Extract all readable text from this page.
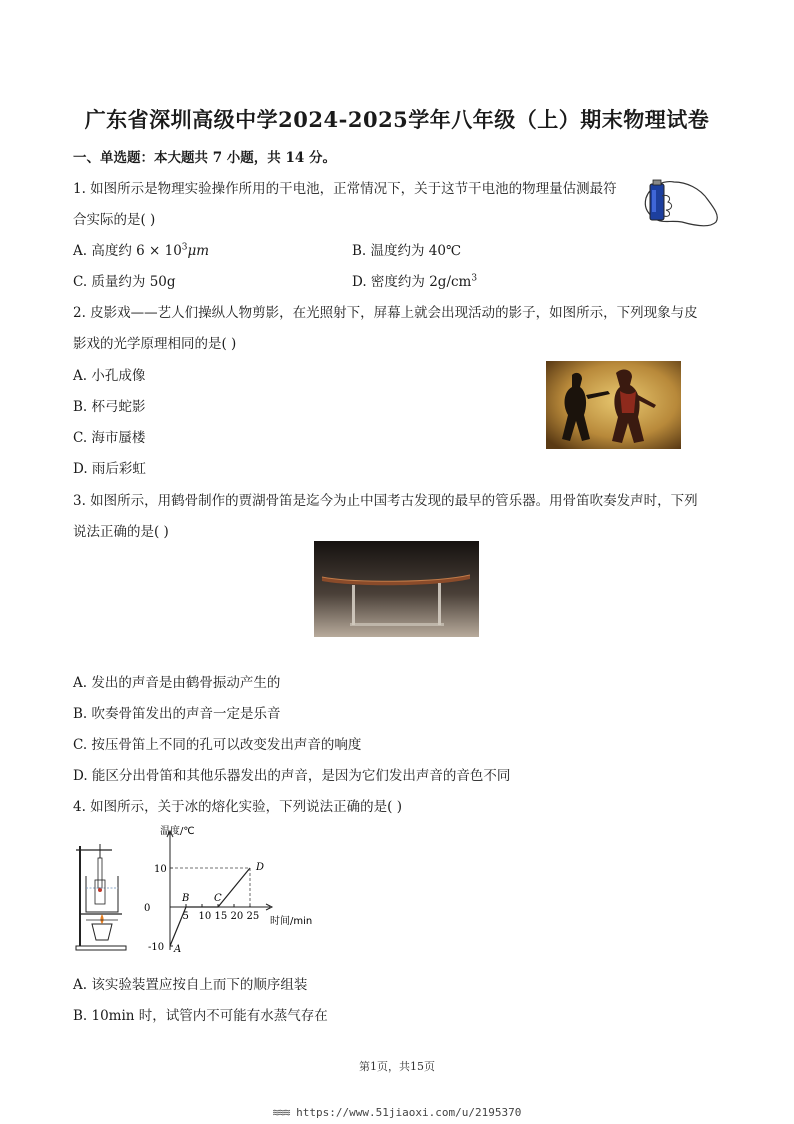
广东省深圳高级中学2024-2025学年八年级（上）期末物理试卷
一、单选题：本大题共 7 小题，共 14 分。
1. 如图所示是物理实验操作所用的干电池，正常情况下，关于这节干电池的物理量估测最符
合实际的是( )
A. 高度约 $6 \times 10^3\mu m$	B. 温度约为 40℃
C. 质量约为 50g	D. 密度约为 $2g/cm^3$
2. 皮影戏——艺人们操纵人物剪影，在光照射下，屏幕上就会出现活动的影子，如图所示，下列现象与皮
影戏的光学原理相同的是( )
A. 小孔成像
B. 杯弓蛇影
C. 海市蜃楼
D. 雨后彩虹
3. 如图所示，用鹤骨制作的贾湖骨笛是迄今为止中国考古发现的最早的管乐器。用骨笛吹奏发声时，下列
说法正确的是( )
A. 发出的声音是由鹤骨振动产生的
B. 吹奏骨笛发出的声音一定是乐音
C. 按压骨笛上不同的孔可以改变发出声音的响度
D. 能区分出骨笛和其他乐器发出的声音，是因为它们发出声音的音色不同
4. 如图所示，关于冰的熔化实验，下列说法正确的是( )
温度/℃
时间/min
0
5 10 15 20 25
10
-10 A
B C
D
A. 该实验装置应按自上而下的顺序组装
B. 10min 时，试管内不可能有水蒸气存在
第1页，共15页
≋≋≋ https://www.51jiaoxi.com/u/2195370
